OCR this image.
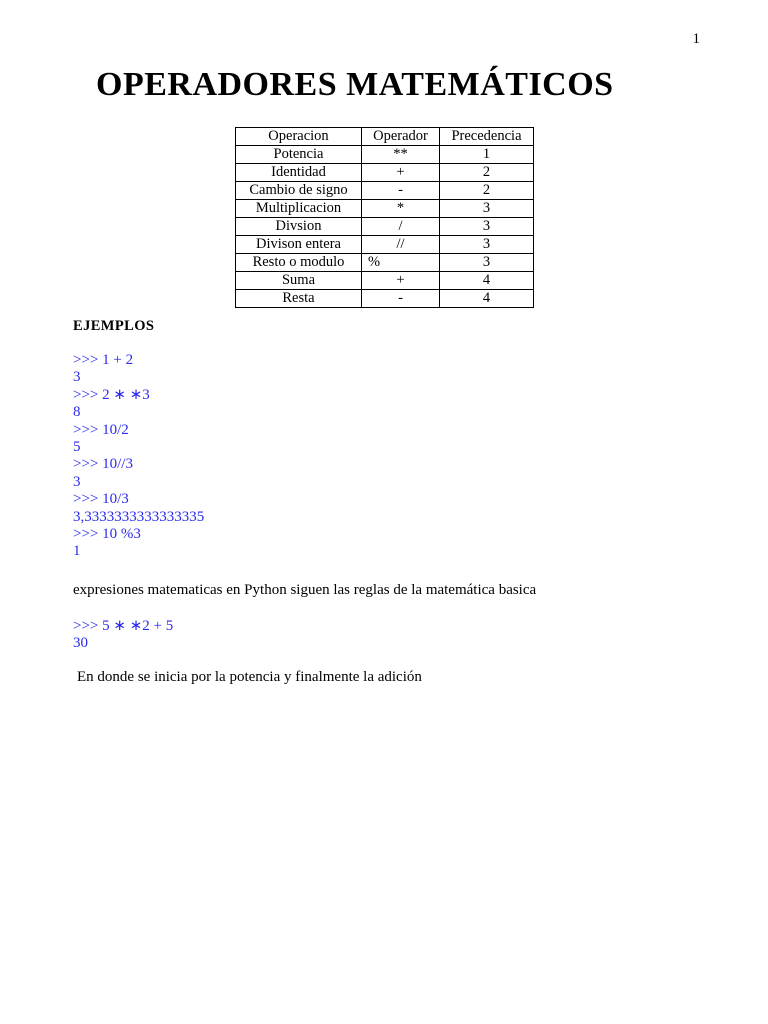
1
OPERADORES MATEMÁTICOS
Operacion	Operador	Precedencia
Potencia	**	1
Identidad	+	2
Cambio de signo	-	2
Multiplicacion	*	3
Divsion	/	3
Divison entera	//	3
Resto o modulo	%	3
Suma	+	4
Resta	-	4
EJEMPLOS
>>> 1 + 2
3
>>> 2 ∗ ∗3
8
>>> 10/2
5
>>> 10//3
3
>>> 10/3
3,3333333333333335
>>> 10 %3
1

expresiones matematicas en Python siguen las reglas de la matemática basica

>>> 5 ∗ ∗2 + 5
30

En donde se inicia por la potencia y finalmente la adición
